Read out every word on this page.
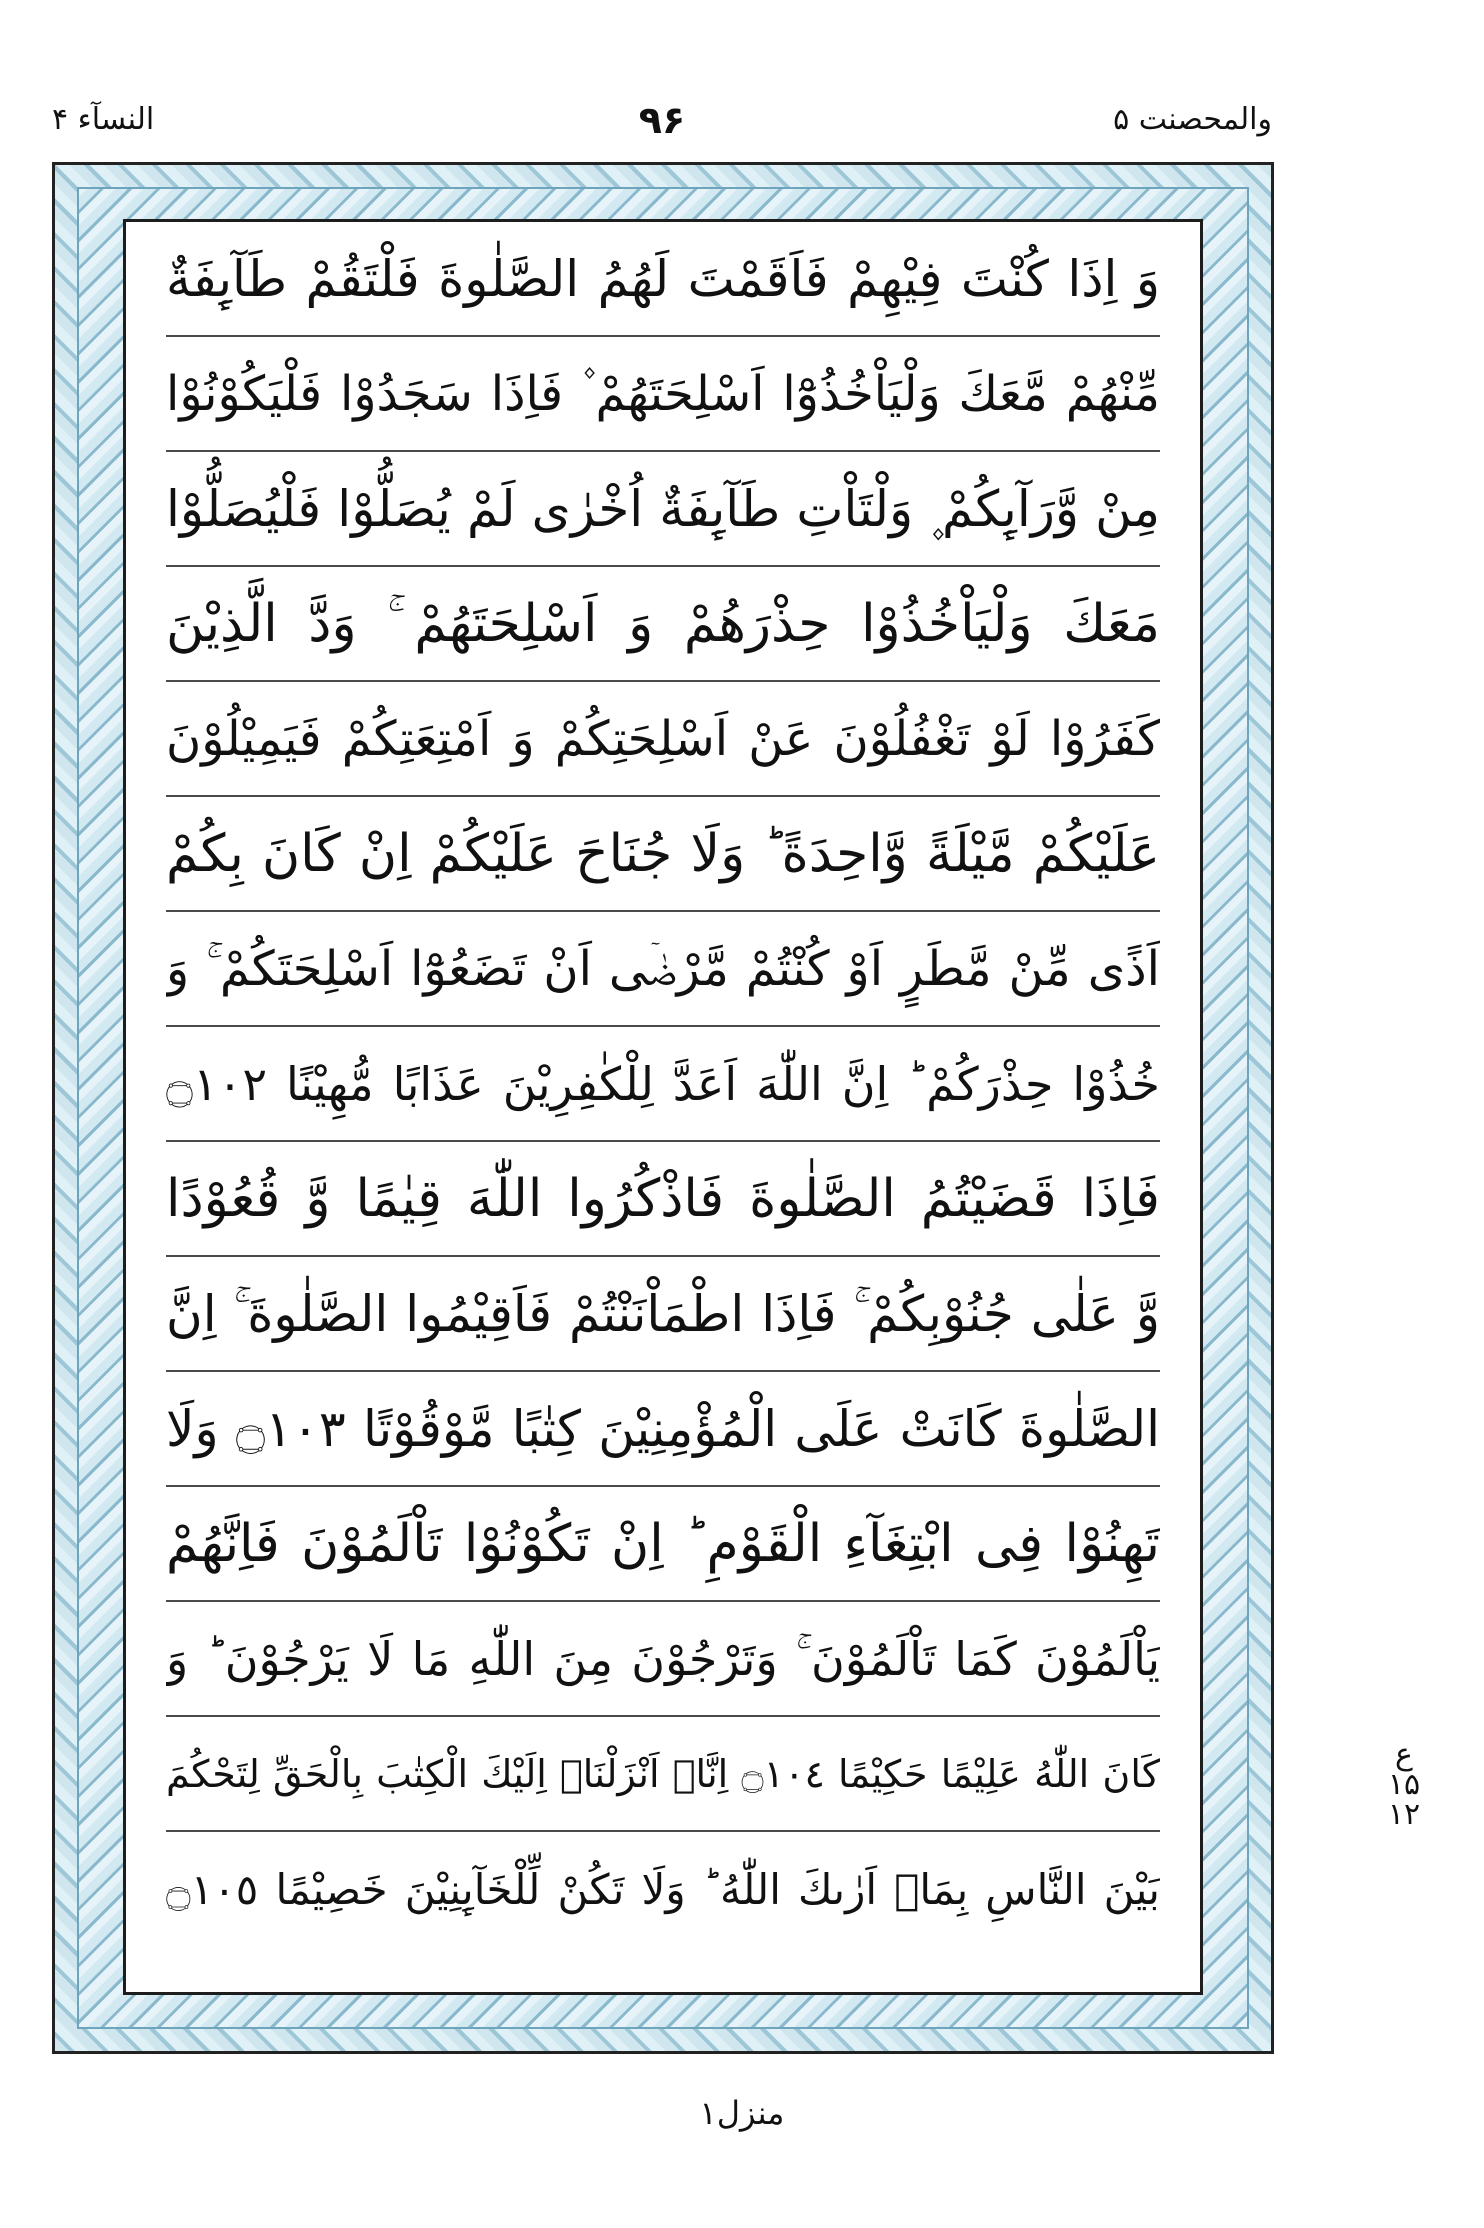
۹۶	والمحصنت ۵
النسآء ۴
وَ اِذَا كُنْتَ فِيْهِمْ فَاَقَمْتَ لَهُمُ الصَّلٰوةَ فَلْتَقُمْ طَآىِٕفَةٌ
مِّنْهُمْ مَّعَكَ وَلْيَاْخُذُوْٓا اَسْلِحَتَهُمْ ۫ فَاِذَا سَجَدُوْا فَلْيَكُوْنُوْا
مِنْ وَّرَآىِٕكُمْ ۪ وَلْتَاْتِ طَآىِٕفَةٌ اُخْرٰى لَمْ يُصَلُّوْا فَلْيُصَلُّوْا
مَعَكَ وَلْيَاْخُذُوْا حِذْرَهُمْ وَ اَسْلِحَتَهُمْ ۚ وَدَّ الَّذِيْنَ
كَفَرُوْا لَوْ تَغْفُلُوْنَ عَنْ اَسْلِحَتِكُمْ وَ اَمْتِعَتِكُمْ فَيَمِيْلُوْنَ
عَلَيْكُمْ مَّيْلَةً وَّاحِدَةً ؕ وَلَا جُنَاحَ عَلَيْكُمْ اِنْ كَانَ بِكُمْ
اَذًى مِّنْ مَّطَرٍ اَوْ كُنْتُمْ مَّرْضٰۤى اَنْ تَضَعُوْٓا اَسْلِحَتَكُمْ ۚ وَ
خُذُوْا حِذْرَكُمْ ؕ اِنَّ اللّٰهَ اَعَدَّ لِلْكٰفِرِيْنَ عَذَابًا مُّهِيْنًا ۝١٠٢
فَاِذَا قَضَيْتُمُ الصَّلٰوةَ فَاذْكُرُوا اللّٰهَ قِيٰمًا وَّ قُعُوْدًا
وَّ عَلٰى جُنُوْبِكُمْ ۚ فَاِذَا اطْمَاْنَنْتُمْ فَاَقِيْمُوا الصَّلٰوةَ ۚ اِنَّ
الصَّلٰوةَ كَانَتْ عَلَى الْمُؤْمِنِيْنَ كِتٰبًا مَّوْقُوْتًا ۝١٠٣ وَلَا
تَهِنُوْا فِى ابْتِغَآءِ الْقَوْمِ ؕ اِنْ تَكُوْنُوْا تَاْلَمُوْنَ فَاِنَّهُمْ
يَاْلَمُوْنَ كَمَا تَاْلَمُوْنَ ۚ وَتَرْجُوْنَ مِنَ اللّٰهِ مَا لَا يَرْجُوْنَ ؕ وَ
كَانَ اللّٰهُ عَلِيْمًا حَكِيْمًا ۝١٠٤ اِنَّاۤ اَنْزَلْنَاۤ اِلَيْكَ الْكِتٰبَ بِالْحَقِّ لِتَحْكُمَ
بَيْنَ النَّاسِ بِمَاۤ اَرٰٮكَ اللّٰهُ ؕ وَلَا تَكُنْ لِّلْخَآىِٕنِيْنَ خَصِيْمًا ۝١٠٥
ع ۱۵ ۱۲
منزل۱
